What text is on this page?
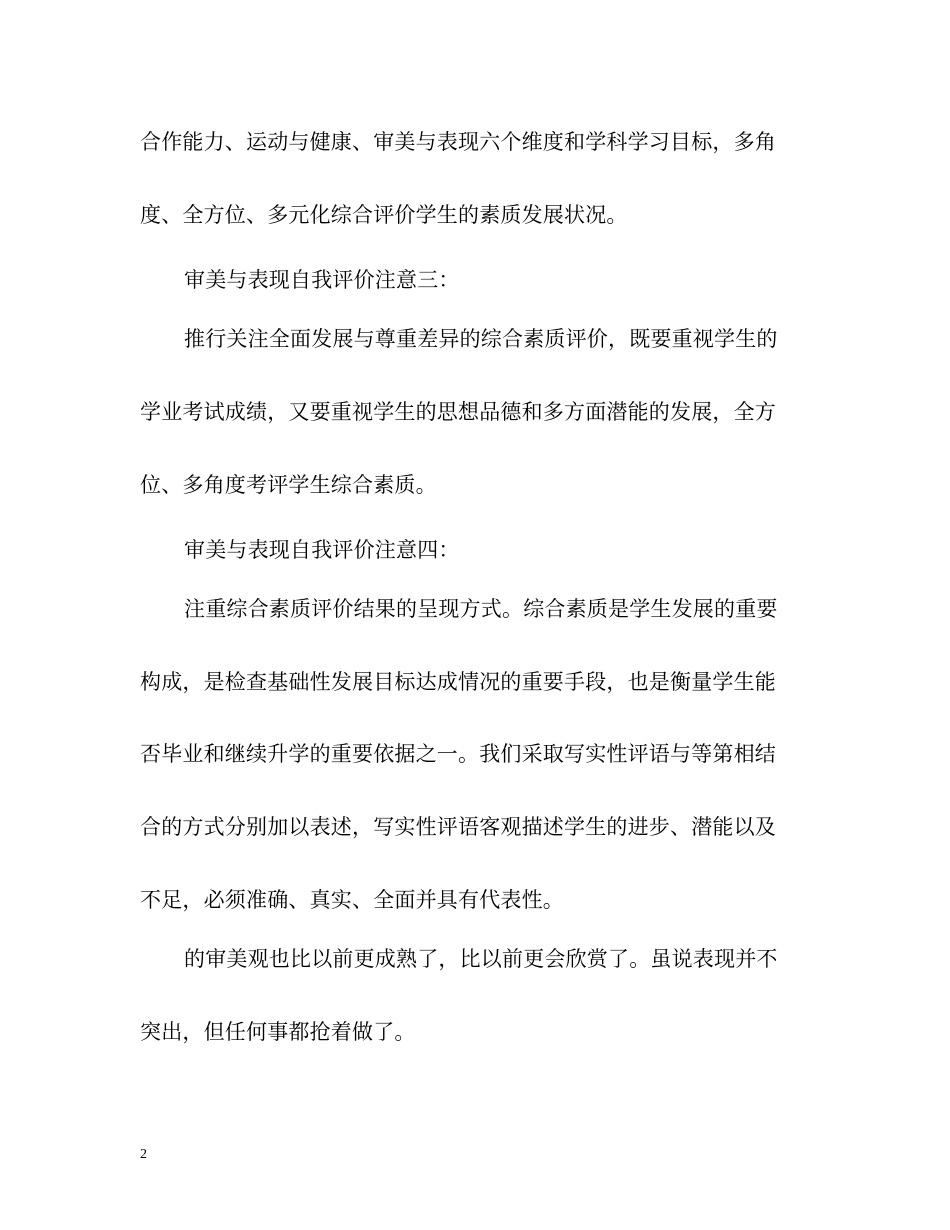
合作能力、运动与健康、审美与表现六个维度和学科学习目标，多角
度、全方位、多元化综合评价学生的素质发展状况。
审美与表现自我评价注意三：
推行关注全面发展与尊重差异的综合素质评价，既要重视学生的
学业考试成绩，又要重视学生的思想品德和多方面潜能的发展，全方
位、多角度考评学生综合素质。
审美与表现自我评价注意四：
注重综合素质评价结果的呈现方式。综合素质是学生发展的重要
构成，是检查基础性发展目标达成情况的重要手段，也是衡量学生能
否毕业和继续升学的重要依据之一。我们采取写实性评语与等第相结
合的方式分别加以表述，写实性评语客观描述学生的进步、潜能以及
不足，必须准确、真实、全面并具有代表性。
的审美观也比以前更成熟了，比以前更会欣赏了。虽说表现并不
突出，但任何事都抢着做了。
2
